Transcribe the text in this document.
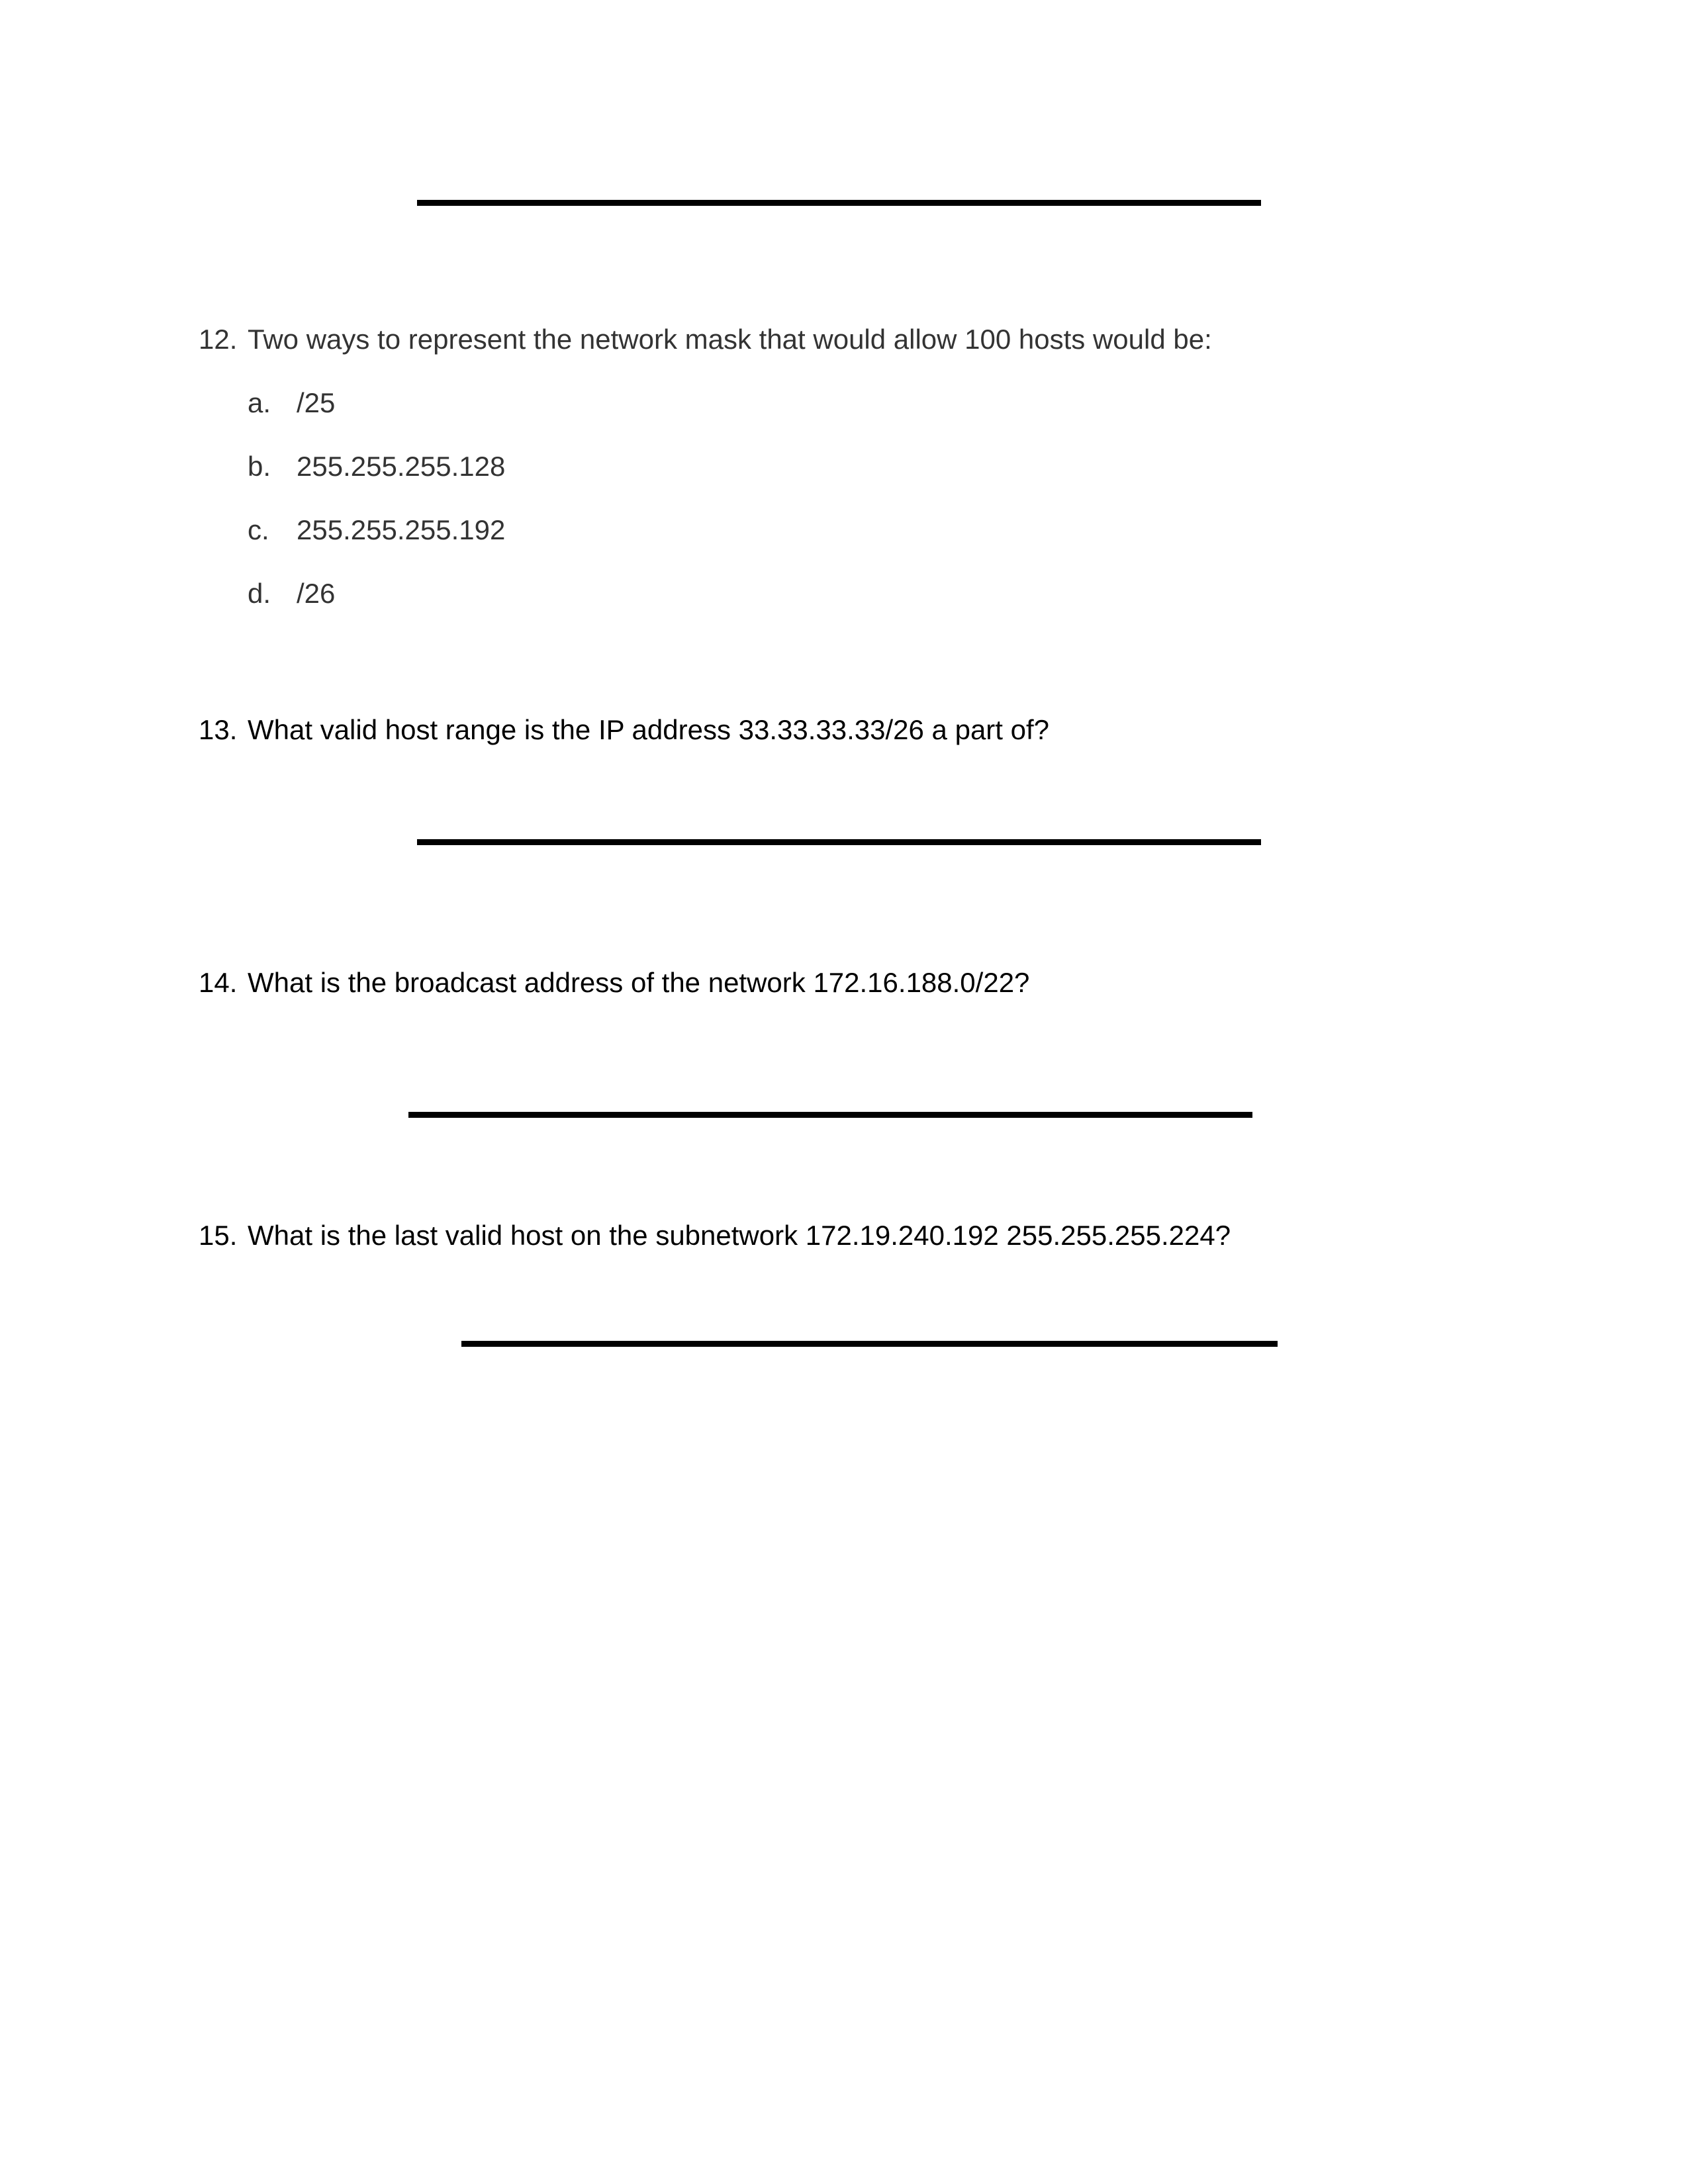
12. Two ways to represent the network mask that would allow 100 hosts would be:
a. /25
b. 255.255.255.128
c. 255.255.255.192
d. /26
13. What valid host range is the IP address 33.33.33.33/26 a part of?
14. What is the broadcast address of the network 172.16.188.0/22?
15. What is the last valid host on the subnetwork 172.19.240.192 255.255.255.224?
